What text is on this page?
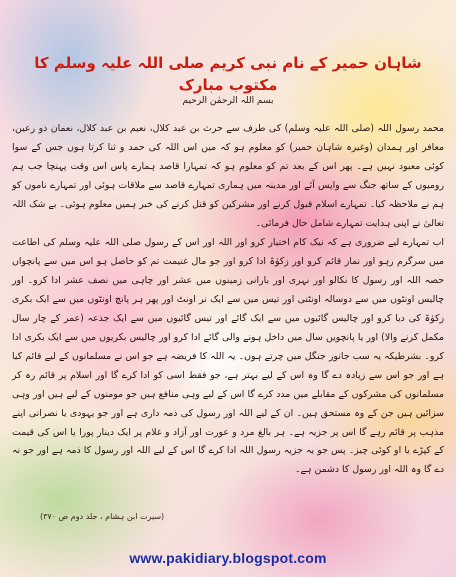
شاہان حمیر کے نام نبی کریم صلی اللہ علیہ وسلم کا مکتوب مبارک
بسم اللہ الرحمٰن الرحیم

محمد رسول اللہ (صلی اللہ علیہ وسلم) کی طرف سے حرث بن عبد کلال، نعیم بن عبد کلال، نعمان ذو رعین، معافر اور ہمدان (وغیرہ شاہان حمیر) کو معلوم ہو کہ میں اس اللہ کی حمد و ثنا کرتا ہوں جس کے سوا کوئی معبود نہیں ہے۔ پھر اس کے بعد تم کو معلوم ہو کہ تمہارا قاصد ہمارے پاس اس وقت پہنچا جب ہم رومیوں کے ساتھ جنگ سے واپس آئے اور مدینہ میں ہماری تمہارے قاصد سے ملاقات ہوئی اور تمہارے ناموں کو ہم نے ملاحظہ کیا۔ تمہارے اسلام قبول کرنے اور مشرکین کو قتل کرنے کی خبر ہمیں معلوم ہوئی۔ بے شک اللہ تعالیٰ نے اپنی ہدایت تمہارے شامل حال فرمائی۔

اب تمہارے لیے ضروری ہے کہ نیک کام اختیار کرو اور اللہ اور اس کے رسول صلی اللہ علیہ وسلم کی اطاعت میں سرگرم رہو اور نماز قائم کرو اور زکوٰۃ ادا کرو اور جو مال غنیمت تم کو حاصل ہو اس میں سے پانچواں حصہ اللہ اور رسول کا نکالو اور نہری اور بارانی زمینوں میں عشر اور چاہی میں نصف عشر ادا کرو۔ اور چالیس اونٹوں میں سے دوسالہ اونٹنی اور تیس میں سے ایک نر اونٹ اور پھر ہر پانچ اونٹوں میں سے ایک بکری زکوٰۃ کی دیا کرو اور چالیس گائیوں میں سے ایک گائے اور تیس گائیوں میں سے ایک جذعہ (عمر کے چار سال مکمل کرنے والا) اور یا پانچویں سال میں داخل ہونے والی گائے ادا کرو اور چالیس بکریوں میں سے ایک بکری ادا کرو۔ بشرطیکہ یہ سب جانور جنگل میں چرتے ہوں۔ یہ اللہ کا فریضہ ہے جو اس نے مسلمانوں کے لیے قائم کیا ہے اور جو اس سے زیادہ دے گا وہ اس کے لیے بہتر ہے، جو فقط اسی کو ادا کرے گا اور اسلام پر قائم رہ کر مسلمانوں کی مشرکوں کے مقابلے میں مدد کرے گا اس کے لیے وہی منافع ہیں جو مومنوں کے لیے ہیں اور وہی سزائیں ہیں جن کے وہ مستحق ہیں۔ ان کے لیے اللہ اور رسول کی ذمہ داری ہے اور جو یہودی یا نصرانی اپنے مذہب پر قائم رہے گا اس پر جزیہ ہے۔ ہر بالغ مرد و عورت اور آزاد و غلام پر ایک دینار پورا یا اس کی قیمت کے کپڑے یا او کوئی چیز۔ پس جو یہ جزیہ رسول اللہ ادا کرے گا اس کے لیے اللہ اور رسول کا ذمہ ہے اور جو نہ دے گا وہ اللہ اور رسول کا دشمن ہے۔

(سیرت ابن ہشام ، جلد دوم ص ۳۷۰)
www.pakidiary.blogspot.com
